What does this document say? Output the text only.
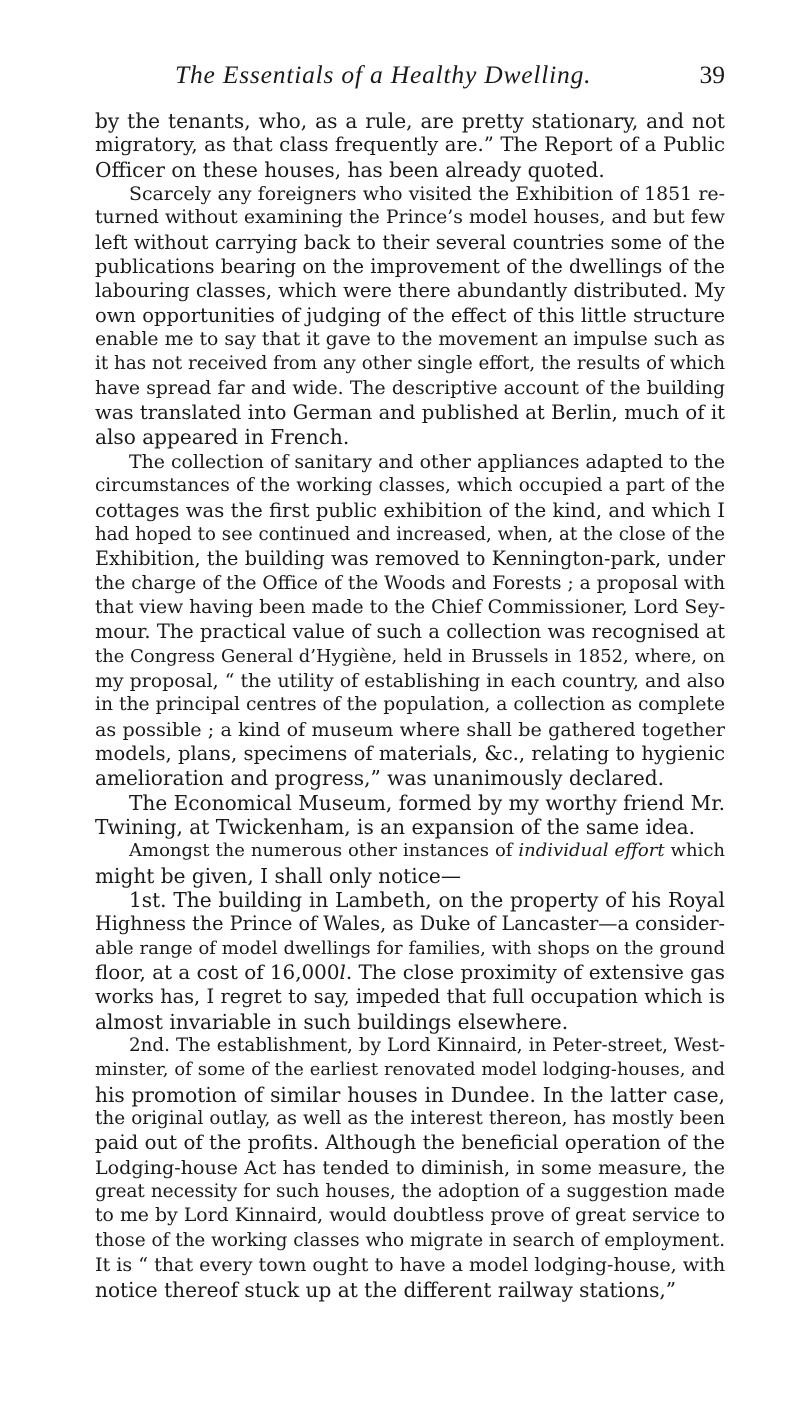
The Essentials of a Healthy Dwelling.	39
by the tenants, who, as a rule, are pretty stationary, and not
migratory, as that class frequently are.” The Report of a Public
Officer on these houses, has been already quoted.
Scarcely any foreigners who visited the Exhibition of 1851 re-
turned without examining the Prince’s model houses, and but few
left without carrying back to their several countries some of the
publications bearing on the improvement of the dwellings of the
labouring classes, which were there abundantly distributed. My
own opportunities of judging of the effect of this little structure
enable me to say that it gave to the movement an impulse such as
it has not received from any other single effort, the results of which
have spread far and wide. The descriptive account of the building
was translated into German and published at Berlin, much of it
also appeared in French.
The collection of sanitary and other appliances adapted to the
circumstances of the working classes, which occupied a part of the
cottages was the first public exhibition of the kind, and which I
had hoped to see continued and increased, when, at the close of the
Exhibition, the building was removed to Kennington-park, under
the charge of the Office of the Woods and Forests ; a proposal with
that view having been made to the Chief Commissioner, Lord Sey-
mour. The practical value of such a collection was recognised at
the Congress General d’Hygiène, held in Brussels in 1852, where, on
my proposal, “ the utility of establishing in each country, and also
in the principal centres of the population, a collection as complete
as possible ; a kind of museum where shall be gathered together
models, plans, specimens of materials, &c., relating to hygienic
amelioration and progress,” was unanimously declared.
The Economical Museum, formed by my worthy friend Mr.
Twining, at Twickenham, is an expansion of the same idea.
Amongst the numerous other instances of individual effort which
might be given, I shall only notice—
1st. The building in Lambeth, on the property of his Royal
Highness the Prince of Wales, as Duke of Lancaster—a consider-
able range of model dwellings for families, with shops on the ground
floor, at a cost of 16,000l. The close proximity of extensive gas
works has, I regret to say, impeded that full occupation which is
almost invariable in such buildings elsewhere.
2nd. The establishment, by Lord Kinnaird, in Peter-street, West-
minster, of some of the earliest renovated model lodging-houses, and
his promotion of similar houses in Dundee. In the latter case,
the original outlay, as well as the interest thereon, has mostly been
paid out of the profits. Although the beneficial operation of the
Lodging-house Act has tended to diminish, in some measure, the
great necessity for such houses, the adoption of a suggestion made
to me by Lord Kinnaird, would doubtless prove of great service to
those of the working classes who migrate in search of employment.
It is “ that every town ought to have a model lodging-house, with
notice thereof stuck up at the different railway stations,”
